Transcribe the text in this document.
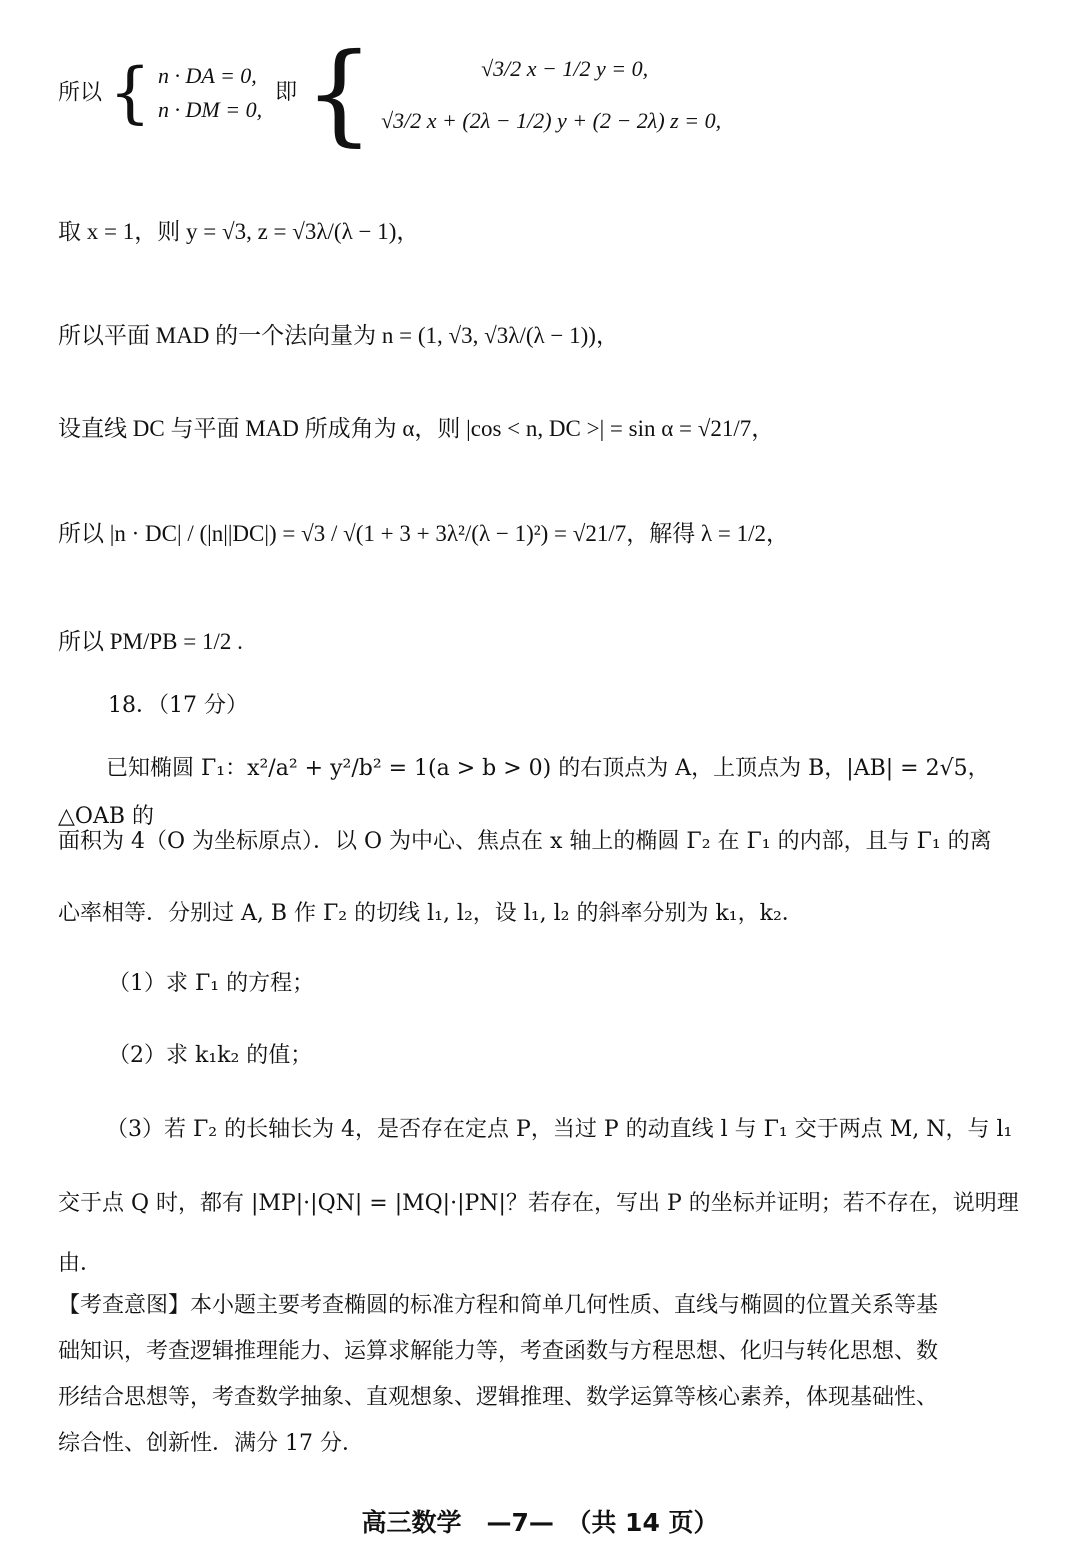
所以 { n · DA = 0,
n · DM = 0,
即 {	√3/2 x − 1/2 y = 0,
√3/2 x + (2λ − 1/2) y + (2 − 2λ) z = 0,
取 x = 1，则 y = √3, z = √3λ/(λ − 1)，
所以平面 MAD 的一个法向量为 n = (1, √3, √3λ/(λ − 1))，
设直线 DC 与平面 MAD 所成角为 α，则 |cos < n, DC >| = sin α = √21/7，
所以 |n · DC| / (|n||DC|) = √3 / √(1 + 3 + 3λ²/(λ − 1)²) = √21/7，解得 λ = 1/2，
所以 PM/PB = 1/2 .
18．（17 分）
已知椭圆 Γ₁：x²/a² + y²/b² = 1(a > b > 0) 的右顶点为 A，上顶点为 B，|AB| = 2√5，△OAB 的
面积为 4（O 为坐标原点）．以 O 为中心、焦点在 x 轴上的椭圆 Γ₂ 在 Γ₁ 的内部，且与 Γ₁ 的离
心率相等．分别过 A, B 作 Γ₂ 的切线 l₁, l₂，设 l₁, l₂ 的斜率分别为 k₁，k₂．
（1）求 Γ₁ 的方程；
（2）求 k₁k₂ 的值；
（3）若 Γ₂ 的长轴长为 4，是否存在定点 P，当过 P 的动直线 l 与 Γ₁ 交于两点 M, N，与 l₁
交于点 Q 时，都有 |MP|·|QN| = |MQ|·|PN|？若存在，写出 P 的坐标并证明；若不存在，说明理
由．
【考查意图】本小题主要考查椭圆的标准方程和简单几何性质、直线与椭圆的位置关系等基
础知识，考查逻辑推理能力、运算求解能力等，考查函数与方程思想、化归与转化思想、数
形结合思想等，考查数学抽象、直观想象、逻辑推理、数学运算等核心素养，体现基础性、
综合性、创新性．满分 17 分．
高三数学　—7—　（共 14 页）
